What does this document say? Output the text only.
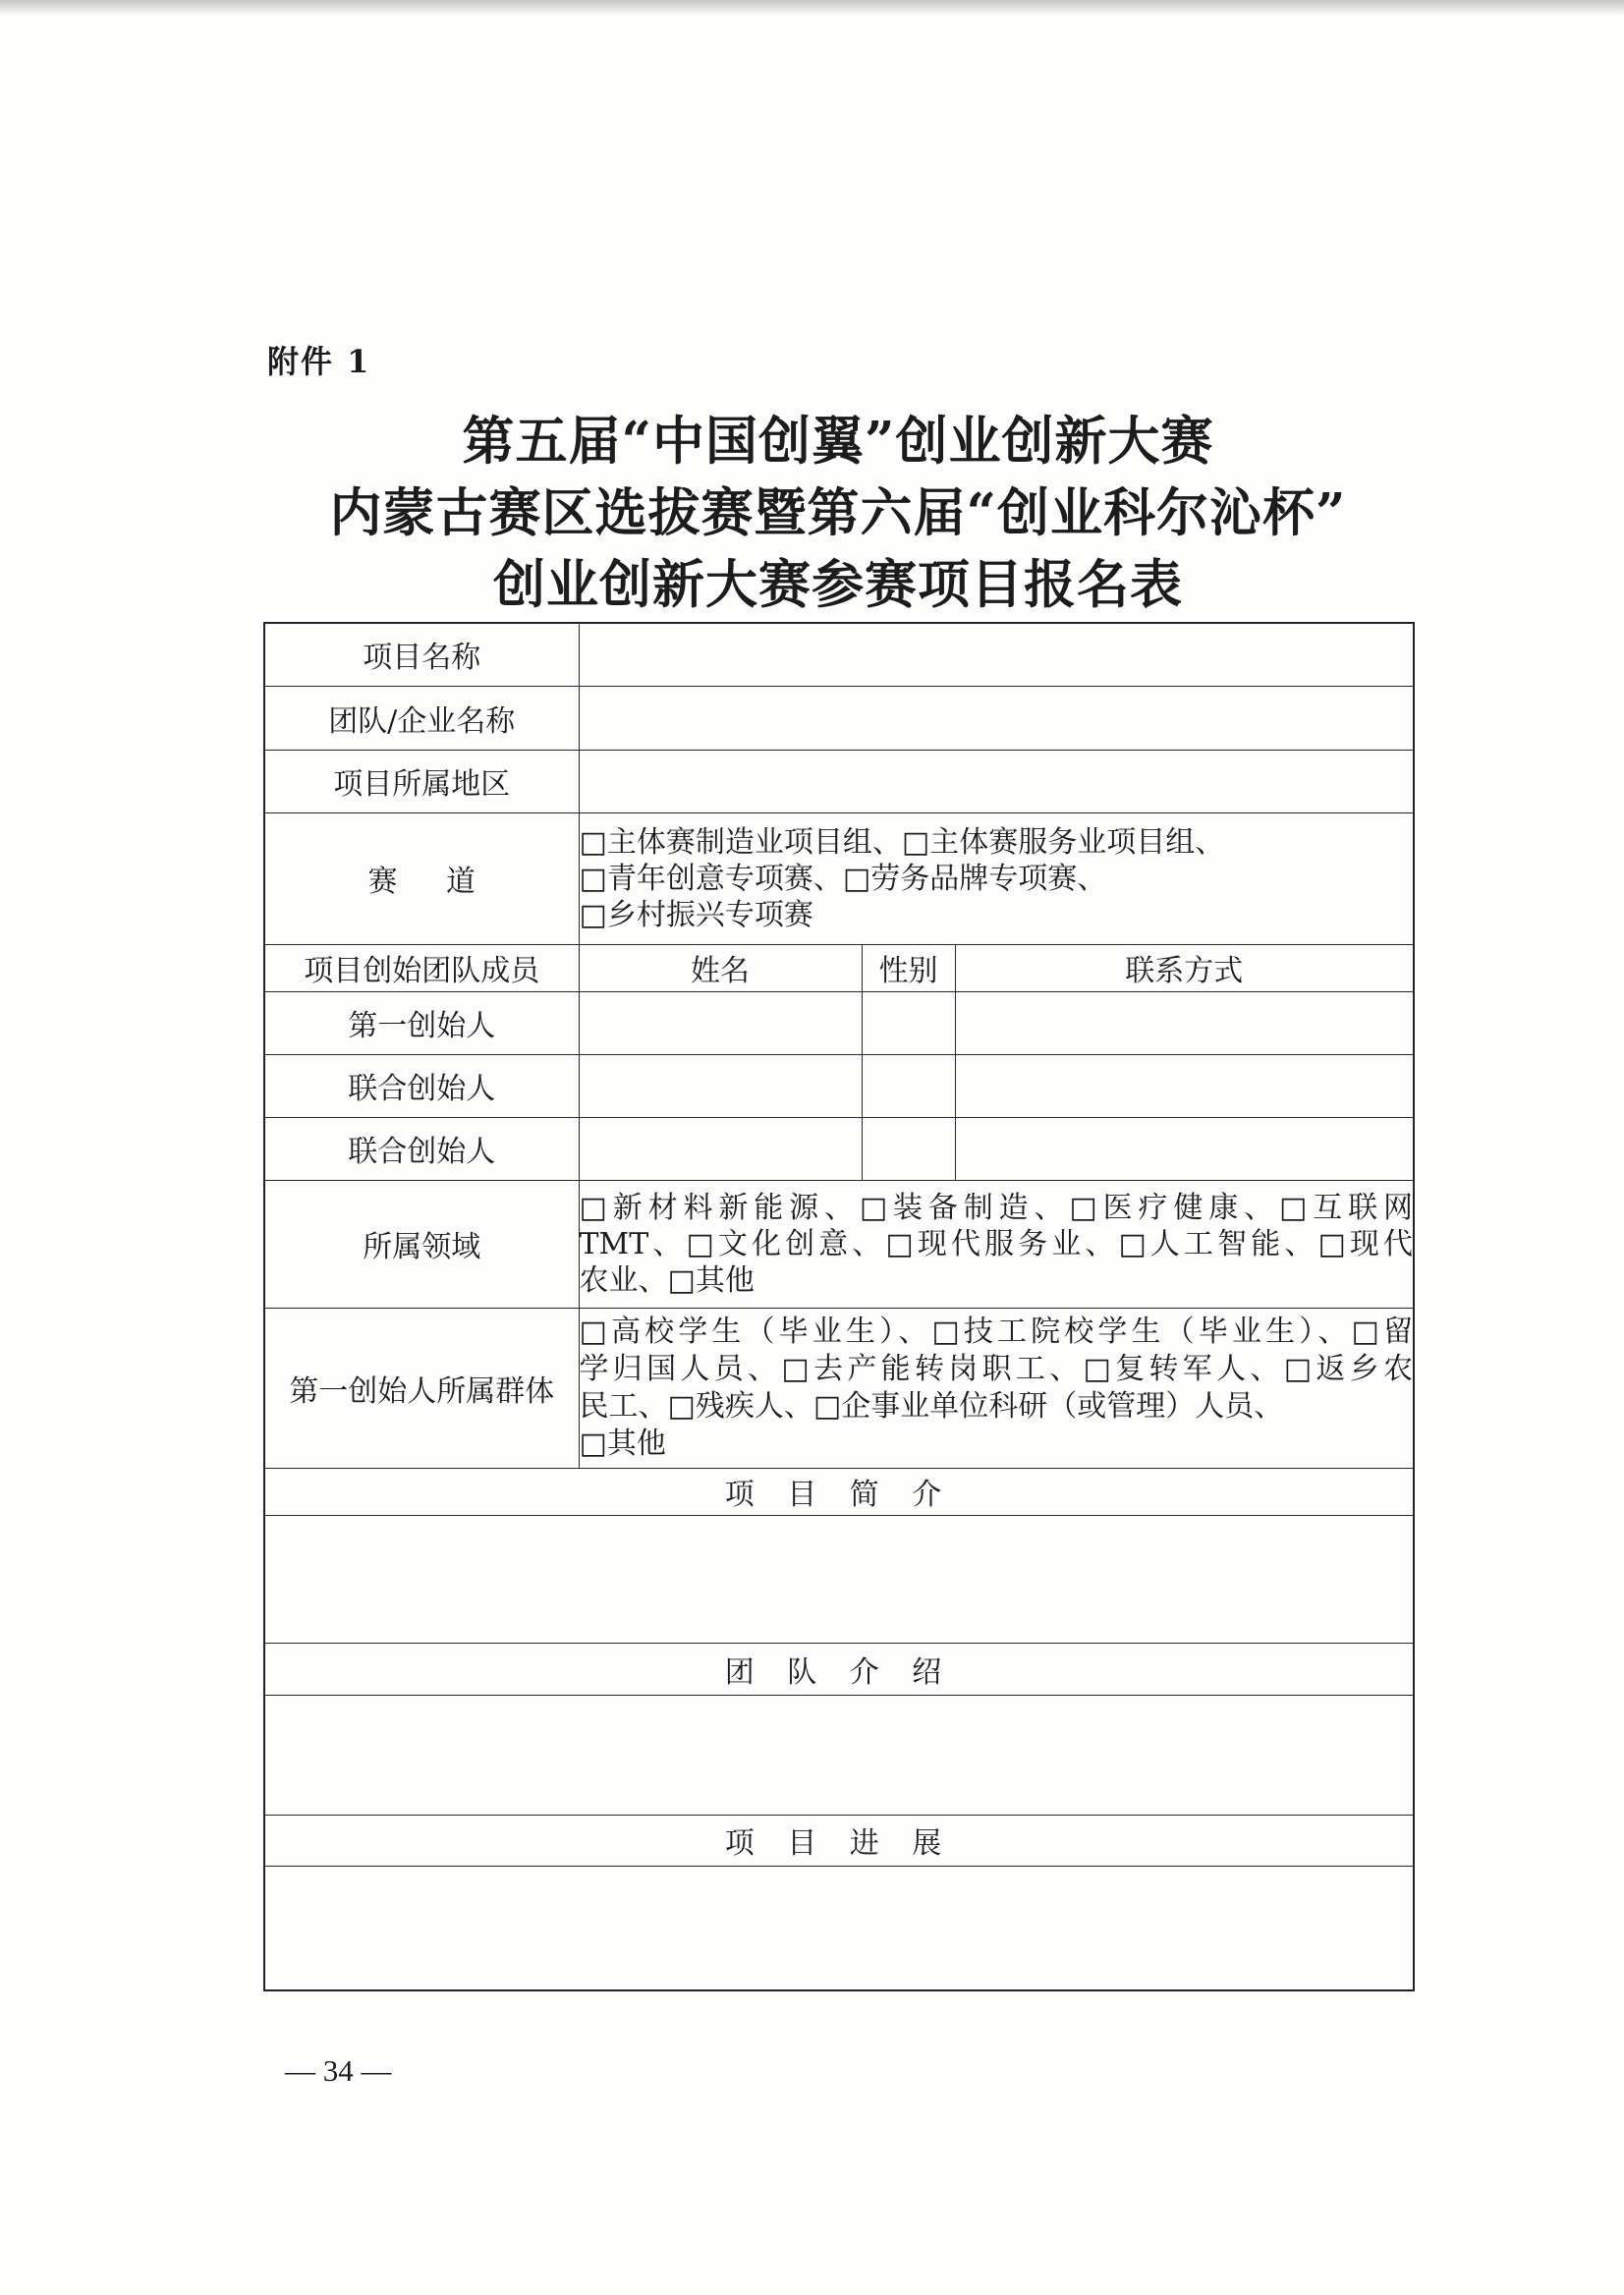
附件 1
第五届“中国创翼”创业创新大赛
内蒙古赛区选拔赛暨第六届“创业科尔沁杯”
创业创新大赛参赛项目报名表
项目名称			
团队/企业名称			
项目所属地区			
赛 道	□主体赛制造业项目组、□主体赛服务业项目组、
□青年创意专项赛、□劳务品牌专项赛、
□乡村振兴专项赛		

项目创始团队成员	姓名	性别	联系方式
第一创始人			
联合创始人			
联合创始人			
所属领域	□新材料新能源、□装备制造、□医疗健康、□互联网
TMT、□文化创意、□现代服务业、□人工智能、□现代
农业、□其他		

第一创始人所属群体	□高校学生（毕业生）、□技工院校学生（毕业生）、□留
学归国人员、□去产能转岗职工、□复转军人、□返乡农
民工、□残疾人、□企事业单位科研（或管理）人员、
□其他		

项 目 简 介			

团 队 介 绍			

项 目 进 展			

— 34 —
